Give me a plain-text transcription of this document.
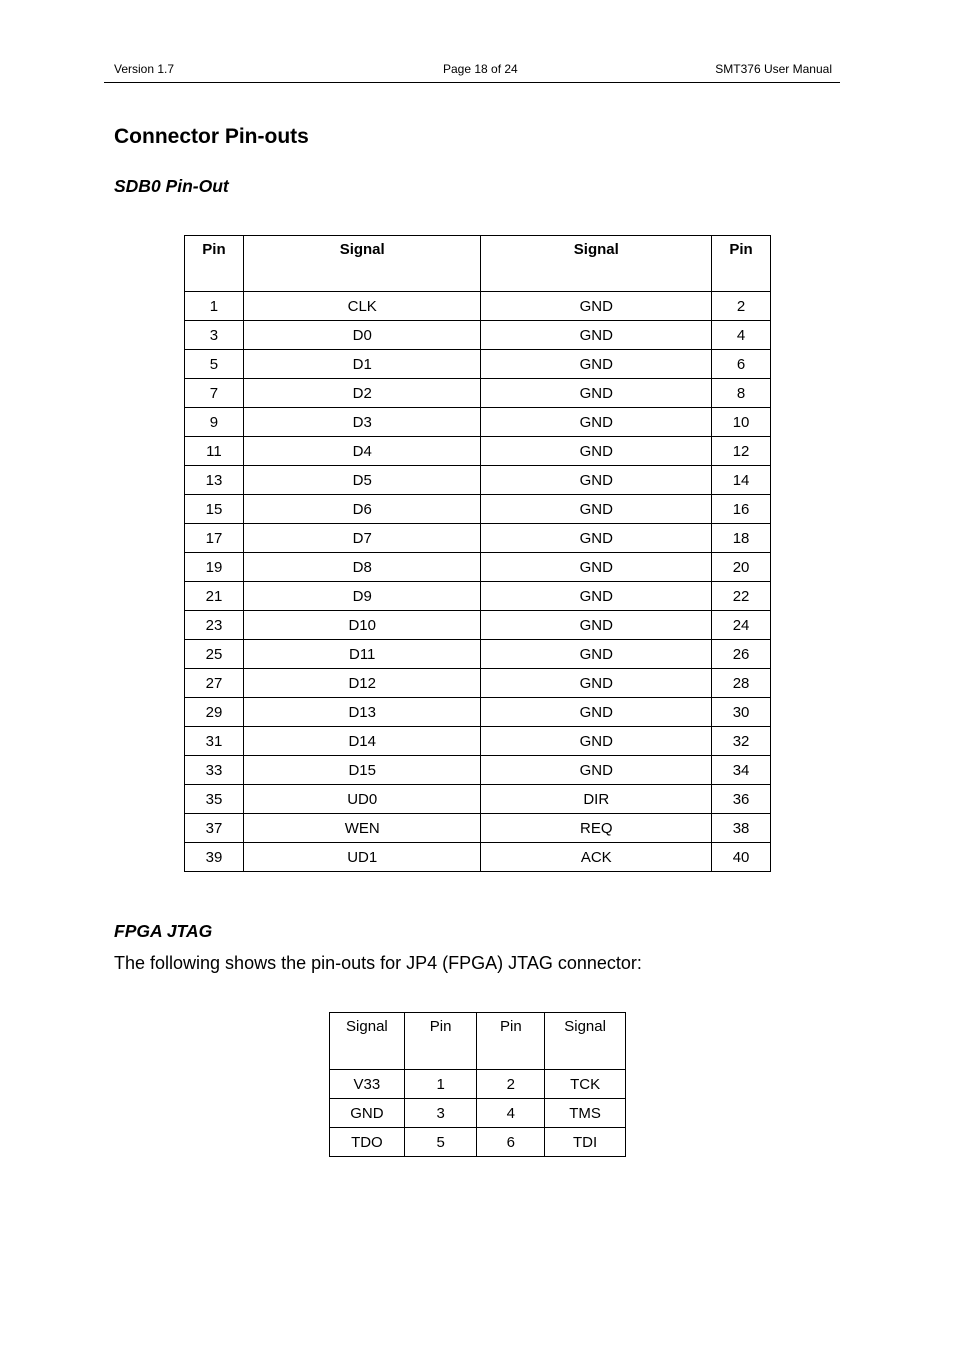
Version 1.7	Page 18 of 24	SMT376 User Manual
Connector Pin-outs
SDB0 Pin-Out
Pin	Signal	Signal	Pin
1	CLK	GND	2
3	D0	GND	4
5	D1	GND	6
7	D2	GND	8
9	D3	GND	10
11	D4	GND	12
13	D5	GND	14
15	D6	GND	16
17	D7	GND	18
19	D8	GND	20
21	D9	GND	22
23	D10	GND	24
25	D11	GND	26
27	D12	GND	28
29	D13	GND	30
31	D14	GND	32
33	D15	GND	34
35	UD0	DIR	36
37	WEN	REQ	38
39	UD1	ACK	40
FPGA JTAG

The following shows the pin-outs for JP4 (FPGA) JTAG connector:

Signal	Pin	Pin	Signal
V33	1	2	TCK
GND	3	4	TMS
TDO	5	6	TDI
